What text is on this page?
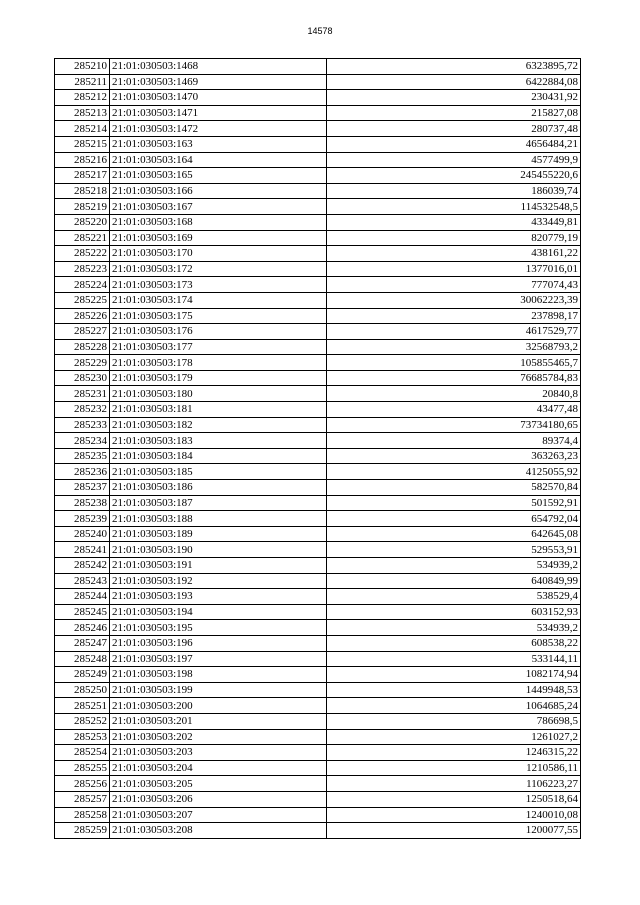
14578
285210	21:01:030503:1468	6323895,72
285211	21:01:030503:1469	6422884,08
285212	21:01:030503:1470	230431,92
285213	21:01:030503:1471	215827,08
285214	21:01:030503:1472	280737,48
285215	21:01:030503:163	4656484,21
285216	21:01:030503:164	4577499,9
285217	21:01:030503:165	245455220,6
285218	21:01:030503:166	186039,74
285219	21:01:030503:167	114532548,5
285220	21:01:030503:168	433449,81
285221	21:01:030503:169	820779,19
285222	21:01:030503:170	438161,22
285223	21:01:030503:172	1377016,01
285224	21:01:030503:173	777074,43
285225	21:01:030503:174	30062223,39
285226	21:01:030503:175	237898,17
285227	21:01:030503:176	4617529,77
285228	21:01:030503:177	32568793,2
285229	21:01:030503:178	105855465,7
285230	21:01:030503:179	76685784,83
285231	21:01:030503:180	20840,8
285232	21:01:030503:181	43477,48
285233	21:01:030503:182	73734180,65
285234	21:01:030503:183	89374,4
285235	21:01:030503:184	363263,23
285236	21:01:030503:185	4125055,92
285237	21:01:030503:186	582570,84
285238	21:01:030503:187	501592,91
285239	21:01:030503:188	654792,04
285240	21:01:030503:189	642645,08
285241	21:01:030503:190	529553,91
285242	21:01:030503:191	534939,2
285243	21:01:030503:192	640849,99
285244	21:01:030503:193	538529,4
285245	21:01:030503:194	603152,93
285246	21:01:030503:195	534939,2
285247	21:01:030503:196	608538,22
285248	21:01:030503:197	533144,11
285249	21:01:030503:198	1082174,94
285250	21:01:030503:199	1449948,53
285251	21:01:030503:200	1064685,24
285252	21:01:030503:201	786698,5
285253	21:01:030503:202	1261027,2
285254	21:01:030503:203	1246315,22
285255	21:01:030503:204	1210586,11
285256	21:01:030503:205	1106223,27
285257	21:01:030503:206	1250518,64
285258	21:01:030503:207	1240010,08
285259	21:01:030503:208	1200077,55
